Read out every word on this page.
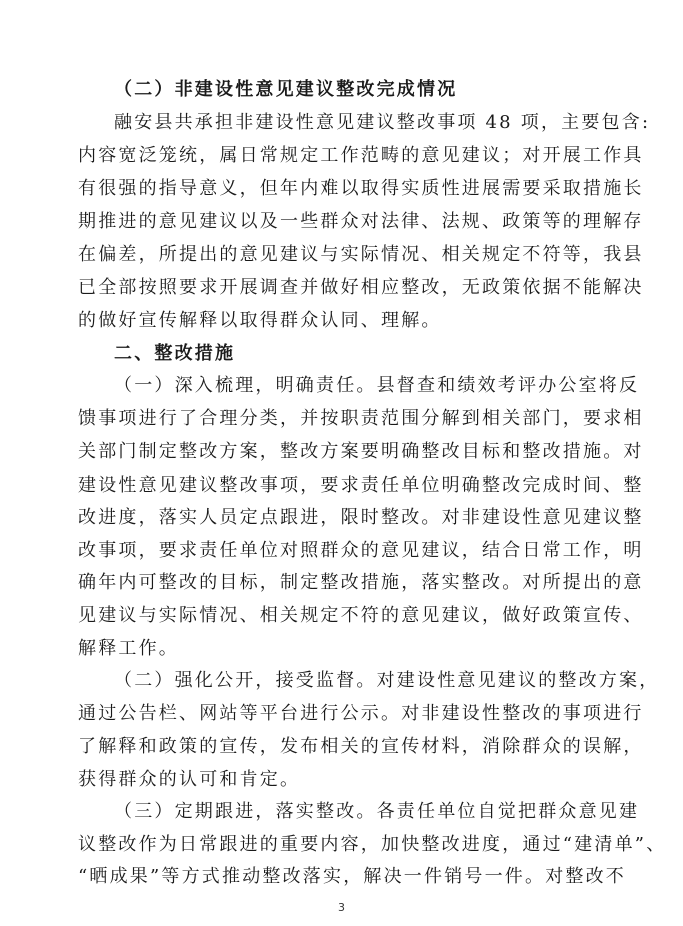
（二）非建设性意见建议整改完成情况
融安县共承担非建设性意见建议整改事项 48 项，主要包含:
内容宽泛笼统，属日常规定工作范畴的意见建议；对开展工作具
有很强的指导意义，但年内难以取得实质性进展需要采取措施长
期推进的意见建议以及一些群众对法律、法规、政策等的理解存
在偏差，所提出的意见建议与实际情况、相关规定不符等，我县
已全部按照要求开展调查并做好相应整改，无政策依据不能解决
的做好宣传解释以取得群众认同、理解。
二、整改措施
（一）深入梳理，明确责任。县督查和绩效考评办公室将反
馈事项进行了合理分类，并按职责范围分解到相关部门，要求相
关部门制定整改方案，整改方案要明确整改目标和整改措施。对
建设性意见建议整改事项，要求责任单位明确整改完成时间、整
改进度，落实人员定点跟进，限时整改。对非建设性意见建议整
改事项，要求责任单位对照群众的意见建议，结合日常工作，明
确年内可整改的目标，制定整改措施，落实整改。对所提出的意
见建议与实际情况、相关规定不符的意见建议，做好政策宣传、
解释工作。
（二）强化公开，接受监督。对建设性意见建议的整改方案，
通过公告栏、网站等平台进行公示。对非建设性整改的事项进行
了解释和政策的宣传，发布相关的宣传材料，消除群众的误解，
获得群众的认可和肯定。
（三）定期跟进，落实整改。各责任单位自觉把群众意见建
议整改作为日常跟进的重要内容，加快整改进度，通过“建清单”、
“晒成果”等方式推动整改落实，解决一件销号一件。对整改不
3
